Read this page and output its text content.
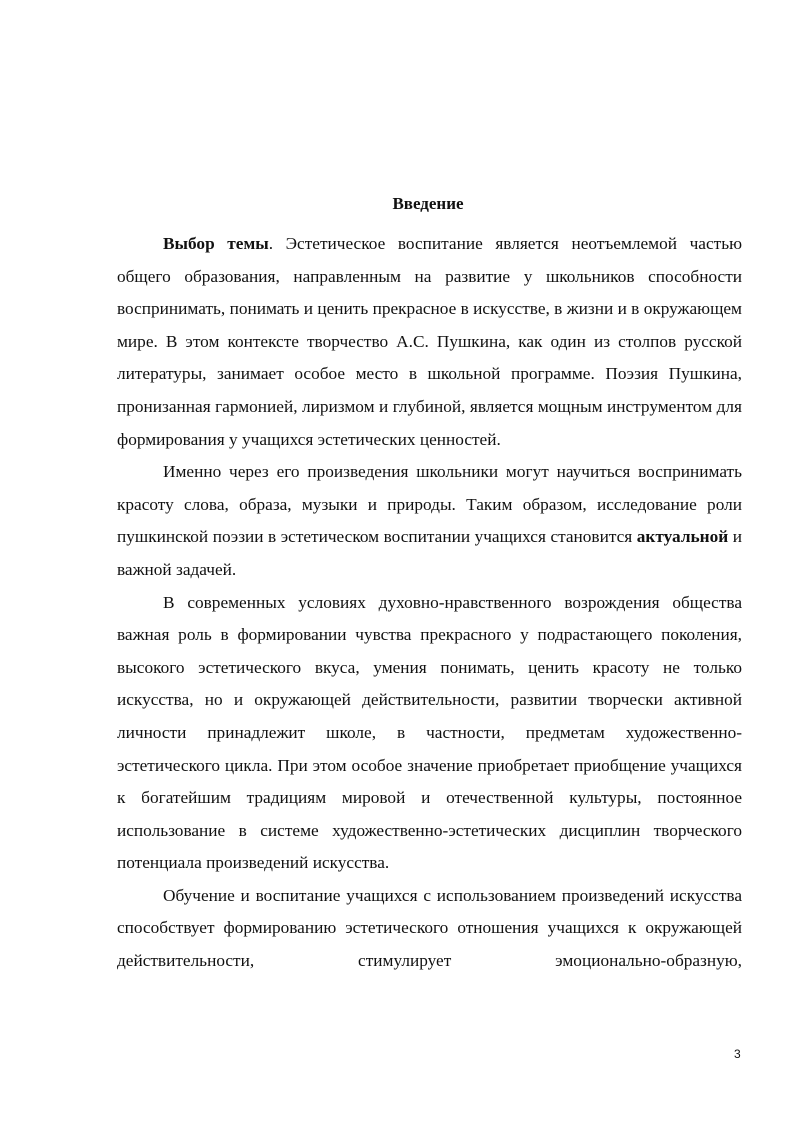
Введение

Выбор темы. Эстетическое воспитание является неотъемлемой частью общего образования, направленным на развитие у школьников способности воспринимать, понимать и ценить прекрасное в искусстве, в жизни и в окружающем мире. В этом контексте творчество А.С. Пушкина, как один из столпов русской литературы, занимает особое место в школьной программе. Поэзия Пушкина, пронизанная гармонией, лиризмом и глубиной, является мощным инструментом для формирования у учащихся эстетических ценностей.

Именно через его произведения школьники могут научиться воспринимать красоту слова, образа, музыки и природы. Таким образом, исследование роли пушкинской поэзии в эстетическом воспитании учащихся становится актуальной и важной задачей.

В современных условиях духовно-нравственного возрождения общества важная роль в формировании чувства прекрасного у подрастающего поколения, высокого эстетического вкуса, умения понимать, ценить красоту не только искусства, но и окружающей действительности, развитии творчески активной личности принадлежит школе, в частности, предметам художественно-эстетического цикла. При этом особое значение приобретает приобщение учащихся к богатейшим традициям мировой и отечественной культуры, постоянное использование в системе художественно-эстетических дисциплин творческого потенциала произведений искусства.

Обучение и воспитание учащихся с использованием произведений искусства способствует формированию эстетического отношения учащихся к окружающей действительности, стимулирует эмоционально-образную,

3
